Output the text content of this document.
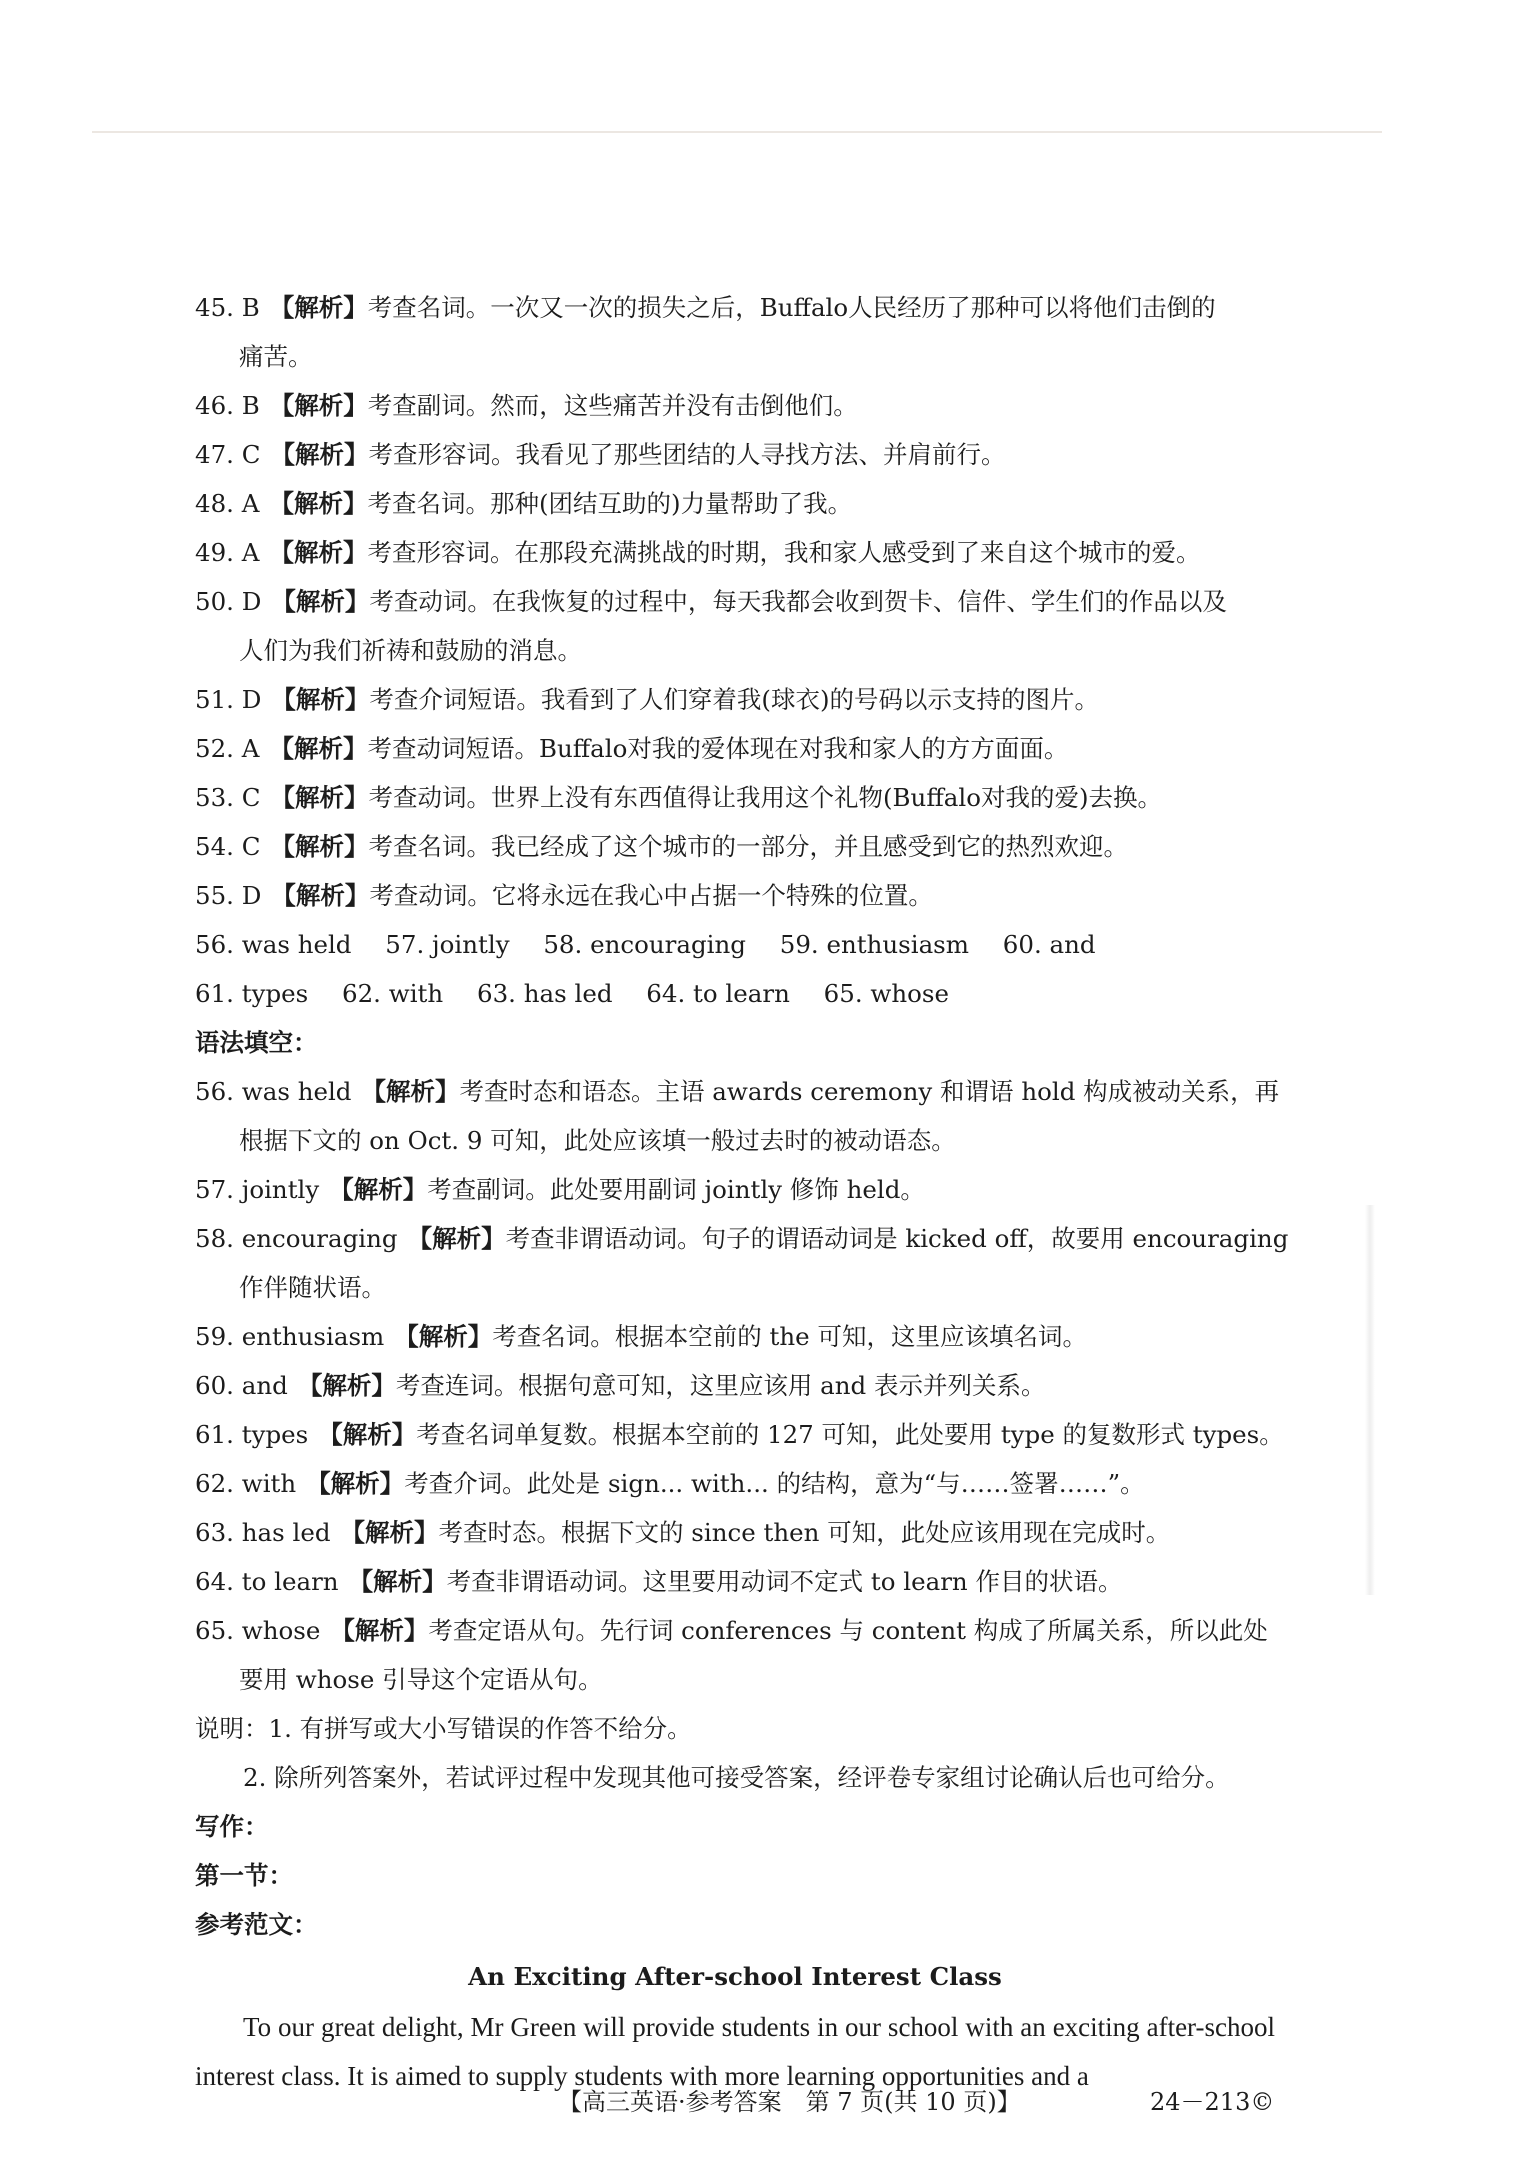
45. B 【解析】考查名词。一次又一次的损失之后，Buffalo人民经历了那种可以将他们击倒的
痛苦。
46. B 【解析】考查副词。然而，这些痛苦并没有击倒他们。
47. C 【解析】考查形容词。我看见了那些团结的人寻找方法、并肩前行。
48. A 【解析】考查名词。那种(团结互助的)力量帮助了我。
49. A 【解析】考查形容词。在那段充满挑战的时期，我和家人感受到了来自这个城市的爱。
50. D 【解析】考查动词。在我恢复的过程中，每天我都会收到贺卡、信件、学生们的作品以及
人们为我们祈祷和鼓励的消息。
51. D 【解析】考查介词短语。我看到了人们穿着我(球衣)的号码以示支持的图片。
52. A 【解析】考查动词短语。Buffalo对我的爱体现在对我和家人的方方面面。
53. C 【解析】考查动词。世界上没有东西值得让我用这个礼物(Buffalo对我的爱)去换。
54. C 【解析】考查名词。我已经成了这个城市的一部分，并且感受到它的热烈欢迎。
55. D 【解析】考查动词。它将永远在我心中占据一个特殊的位置。
56. was held 57. jointly 58. encouraging 59. enthusiasm 60. and
61. types 62. with 63. has led 64. to learn 65. whose
语法填空：
56. was held 【解析】考查时态和语态。主语 awards ceremony 和谓语 hold 构成被动关系，再
根据下文的 on Oct. 9 可知，此处应该填一般过去时的被动语态。
57. jointly 【解析】考查副词。此处要用副词 jointly 修饰 held。
58. encouraging 【解析】考查非谓语动词。句子的谓语动词是 kicked off，故要用 encouraging
作伴随状语。
59. enthusiasm 【解析】考查名词。根据本空前的 the 可知，这里应该填名词。
60. and 【解析】考查连词。根据句意可知，这里应该用 and 表示并列关系。
61. types 【解析】考查名词单复数。根据本空前的 127 可知，此处要用 type 的复数形式 types。
62. with 【解析】考查介词。此处是 sign... with... 的结构，意为“与……签署……”。
63. has led 【解析】考查时态。根据下文的 since then 可知，此处应该用现在完成时。
64. to learn 【解析】考查非谓语动词。这里要用动词不定式 to learn 作目的状语。
65. whose 【解析】考查定语从句。先行词 conferences 与 content 构成了所属关系，所以此处
要用 whose 引导这个定语从句。
说明：1. 有拼写或大小写错误的作答不给分。
2. 除所列答案外，若试评过程中发现其他可接受答案，经评卷专家组讨论确认后也可给分。
写作：
第一节：
参考范文：
An Exciting After-school Interest Class
To our great delight, Mr Green will provide students in our school with an exciting after-school interest class. It is aimed to supply students with more learning opportunities and a
【高三英语·参考答案　第 7 页(共 10 页)】	24－213©
